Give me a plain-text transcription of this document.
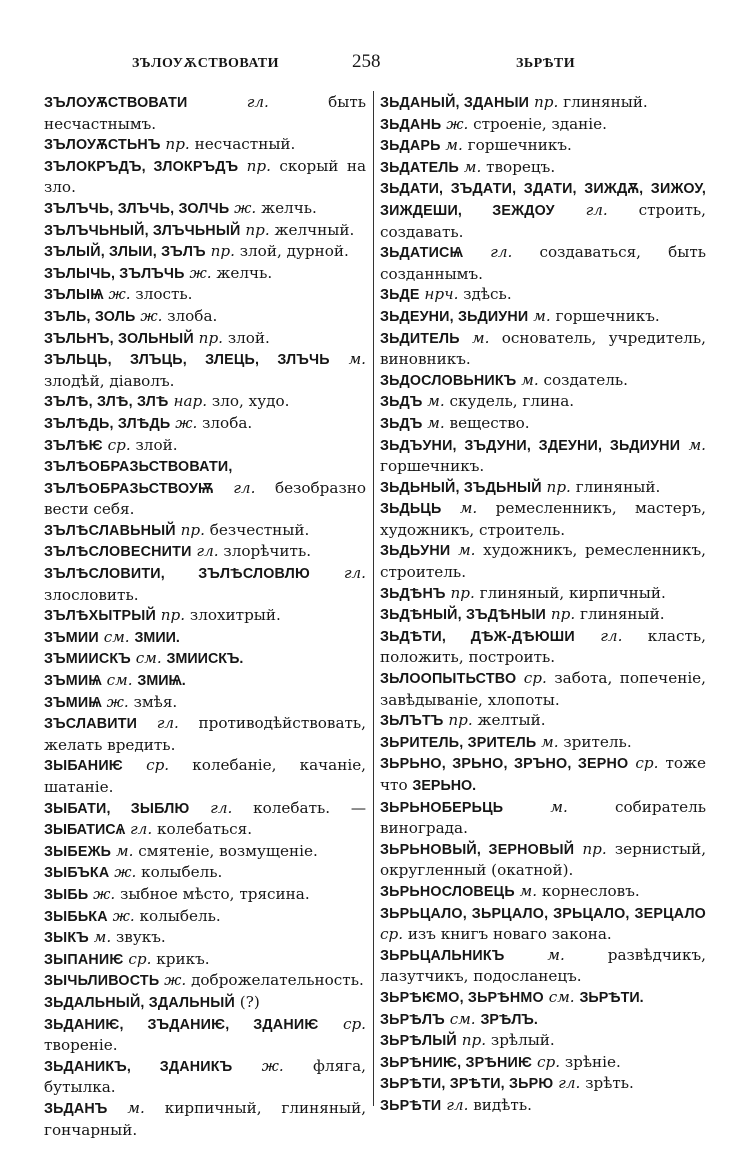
ЗЪЛОУѪСТВОВАТИ	258	ЗЬРѢТИ
ЗЪЛОУѪСТВОВАТИ	гл.	быть несчастнымъ.
ЗЪЛОУѪСТЬНЪ пр. несчастный.
ЗЪЛОКРЪДЪ, ЗЛОКРЪДЪ пр. скорый на зло.
ЗЪЛЪЧЬ, ЗЛЪЧЬ, ЗОЛЧЬ ж. желчь.
ЗЪЛЪЧЬНЫЙ, ЗЛЪЧЬНЫЙ пр. желчный.
ЗЪЛЫЙ, ЗЛЫИ, ЗЪЛЪ пр. злой, дурной.
ЗЪЛЫЧЬ, ЗЪЛЪЧЬ ж. желчь.
ЗЪЛЫѨ ж. злость.
ЗЪЛЬ, ЗОЛЬ ж. злоба.
ЗЪЛЬНЪ, ЗОЛЬНЫЙ пр. злой.
ЗЪЛЬЦЬ, ЗЛЪЦЬ, ЗЛЕЦЬ, ЗЛЪЧЬ м. злодѣй, діаволъ.
ЗЪЛѢ, ЗЛѢ, ЗЛѢ нар. зло, худо.
ЗЪЛѢДЬ, ЗЛѢДЬ ж. злоба.
ЗЪЛѢѤ ср. злой.
ЗЪЛѢОБРАЗЬСТВОВАТИ, ЗЪЛѢОБРАЗЬСТВОУѬ гл. безобразно вести себя.
ЗЪЛѢСЛАВЬНЫЙ пр. безчестный.
ЗЪЛѢСЛОВЕСНИТИ гл. злорѣчить.
ЗЪЛѢСЛОВИТИ, ЗЪЛѢСЛОВЛЮ гл. злословить.
ЗЪЛѢХЫТРЫЙ пр. злохитрый.
ЗЪМИИ см. ЗМИИ.
ЗЪМИИСКЪ см. ЗМИИСКЪ.
ЗЪМИѨ см. ЗМИѨ.
ЗЪМИѨ ж. змѣя.
ЗЪСЛАВИТИ гл. противодѣйствовать, желать вредить.
ЗЫБАНИѤ ср. колебаніе, качаніе, шатаніе.
ЗЫБАТИ, ЗЫБЛЮ гл. колебать. — ЗЫБАТИСѦ гл. колебаться.
ЗЫБЕЖЬ м. смятеніе, возмущеніе.
ЗЫБЪКА ж. колыбель.
ЗЫБЬ ж. зыбное мѣсто, трясина.
ЗЫБЬКА ж. колыбель.
ЗЫКЪ м. звукъ.
ЗЫПАНИѤ ср. крикъ.
ЗЫЧЬЛИВОСТЬ ж. доброжелательность.
ЗЬДАЛЬНЫЙ, ЗДАЛЬНЫЙ (?)
ЗЬДАНИѤ, ЗЪДАНИѤ, ЗДАНИѤ ср. твореніе.
ЗЬДАНИКЪ, ЗДАНИКЪ ж. фляга, бутылка.
ЗЬДАНЪ м. кирпичный, глиняный, гончарный.
ЗЬДАНЫЙ, ЗДАНЫИ пр. глиняный.
ЗЬДАНЬ ж. строеніе, зданіе.
ЗЬДАРЬ м. горшечникъ.
ЗЬДАТЕЛЬ м. творецъ.
ЗЬДАТИ, ЗЪДАТИ, ЗДАТИ, ЗИЖДѪ, ЗИЖОУ, ЗИЖДЕШИ, ЗЕЖДОУ гл. строить, создавать.
ЗЬДАТИСѨ гл. создаваться, быть созданнымъ.
ЗЬДЕ нрч. здѣсь.
ЗЬДЕУНИ, ЗЬДИУНИ м. горшечникъ.
ЗЬДИТЕЛЬ м. основатель, учредитель, виновникъ.
ЗЬДОСЛОВЬНИКЪ м. создатель.
ЗЬДЪ м. скудель, глина.
ЗЬДЪ м. вещество.
ЗЬДЪУНИ, ЗЪДУНИ, ЗДЕУНИ, ЗЬДИУНИ м. горшечникъ.
ЗЬДЬНЫЙ, ЗЪДЬНЫЙ пр. глиняный.
ЗЬДЬЦЬ м. ремесленникъ, мастеръ, художникъ, строитель.
ЗЬДЬУНИ м. художникъ, ремесленникъ, строитель.
ЗЬДѢНЪ пр. глиняный, кирпичный.
ЗЬДѢНЫЙ, ЗЪДѢНЫИ пр. глиняный.
ЗЬДѢТИ, ДѢЖ-ДѢЮШИ гл. класть, положить, построить.
ЗЬЛООПЫТЬСТВО ср. забота, попеченіе, завѣдываніе, хлопоты.
ЗЬЛЪТЪ пр. желтый.
ЗЬРИТЕЛЬ, ЗРИТЕЛЬ м. зритель.
ЗЬРЬНО, ЗРЬНО, ЗРЪНО, ЗЕРНО ср. тоже что ЗЕРЬНО.
ЗЬРЬНОБЕРЬЦЬ	м.	собиратель винограда.
ЗЬРЬНОВЫЙ, ЗЕРНОВЫЙ пр. зернистый, округленный (окатной).
ЗЬРЬНОСЛОВЕЦЬ м. корнесловъ.
ЗЬРЬЦАЛО, ЗЬРЦАЛО, ЗРЬЦАЛО, ЗЕРЦАЛО ср. изъ книгъ новаго закона.
ЗЬРЬЦАЛЬНИКЪ	м.	развѣдчикъ, лазутчикъ, подосланецъ.
ЗЬРѢѤМО, ЗЬРѢНМО см. ЗЬРѢТИ.
ЗЬРѢЛЪ см. ЗРѢЛЪ.
ЗЬРѢЛЫЙ пр. зрѣлый.
ЗЬРѢНИѤ, ЗРѢНИѤ ср. зрѣніе.
ЗЬРѢТИ, ЗРѢТИ, ЗЬРЮ гл. зрѣть.
ЗЬРѢТИ гл. видѣть.
